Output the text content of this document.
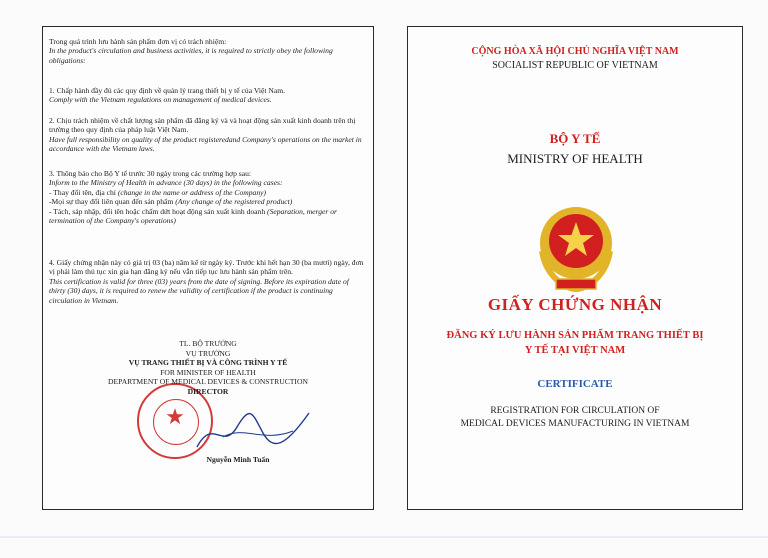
Trong quá trình lưu hành sản phẩm đơn vị có trách nhiệm:

In the product's circulation and business activities, it is required to strictly obey the following obligations:

1. Chấp hành đầy đủ các quy định về quản lý trang thiết bị y tế của Việt Nam.

Comply with the Vietnam regulations on management of medical devices.

2. Chịu trách nhiệm về chất lượng sản phẩm đã đăng ký và và hoạt động sản xuất kinh doanh trên thị trường theo quy định của pháp luật Việt Nam.

Have full responsibility on quality of the product registeredand Company's operations on the market in accordance with the Vietnam laws.

3. Thông báo cho Bộ Y tế trước 30 ngày trong các trường hợp sau:

Inform to the Ministry of Health in advance (30 days) in the following cases:

- Thay đổi tên, địa chỉ (change in the name or address of the Company)

-Mọi sự thay đổi liên quan đến sản phẩm (Any change of the registered product)

- Tách, sáp nhập, đổi tên hoặc chấm dứt hoạt động sản xuất kinh doanh (Separation, merger or termination of the Company's operations)

4. Giấy chứng nhận này có giá trị 03 (ba) năm kể từ ngày ký. Trước khi hết hạn 30 (ba mươi) ngày, đơn vị phải làm thủ tục xin gia hạn đăng ký nếu vẫn tiếp tục lưu hành sản phẩm trên.

This certification is valid for three (03) years from the date of signing. Before its expiration date of thirty (30) days, it is required to renew the validity of certification if the product is continuing circulation in Vietnam.

★
TL. BỘ TRƯỞNG
VỤ TRƯỞNG
VỤ TRANG THIẾT BỊ VÀ CÔNG TRÌNH Y TẾ
FOR MINISTER OF HEALTH
DEPARTMENT OF MEDICAL DEVICES & CONSTRUCTION
DIRECTOR
Nguyễn Minh Tuấn
CỘNG HÒA XÃ HỘI CHỦ NGHĨA VIỆT NAM
SOCIALIST REPUBLIC OF VIETNAM
BỘ Y TẾ
MINISTRY OF HEALTH
GIẤY CHỨNG NHẬN
ĐĂNG KÝ LƯU HÀNH SẢN PHẨM TRANG THIẾT BỊ
Y TẾ TẠI VIỆT NAM
CERTIFICATE
REGISTRATION FOR CIRCULATION OF
MEDICAL DEVICES MANUFACTURING IN VIETNAM
